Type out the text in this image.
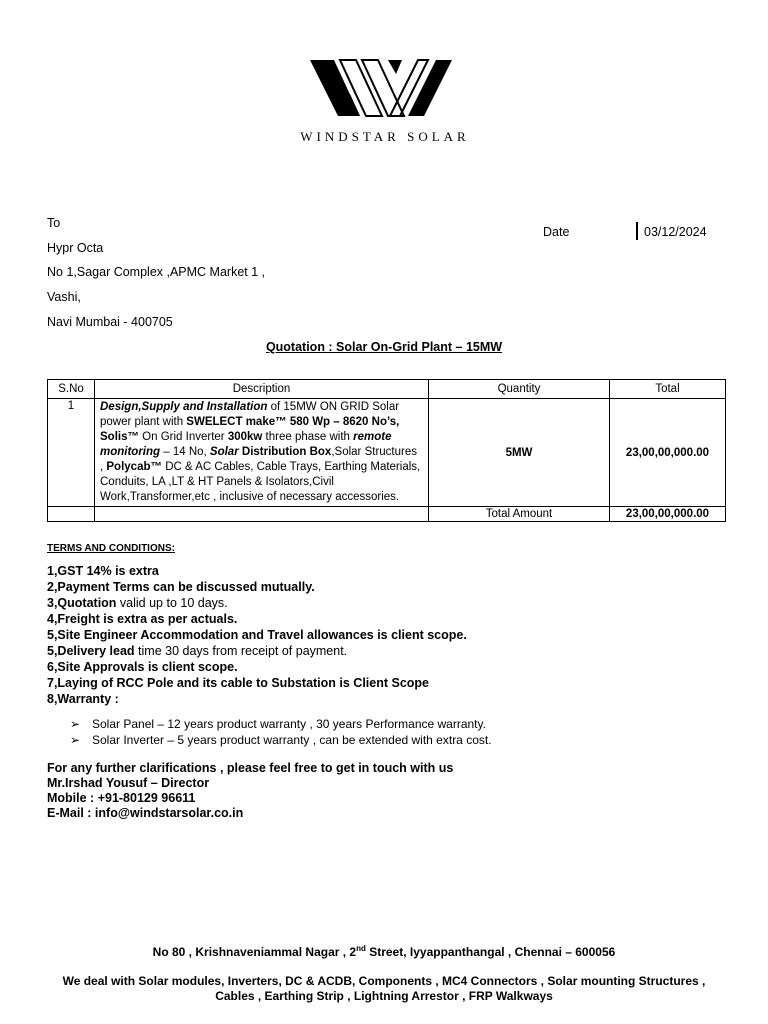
WINDSTAR SOLAR
To
Hypr Octa
No 1,Sagar Complex ,APMC Market 1 ,
Vashi,
Navi Mumbai - 400705
Date	03/12/2024
Quotation : Solar On-Grid Plant – 15MW
S.No	Description	Quantity	Total
1	Design,Supply and Installation of 15MW ON GRID Solar power plant with SWELECT make™ 580 Wp – 8620 No’s, Solis™ On Grid Inverter 300kw three phase with remote monitoring – 14 No, Solar Distribution Box,Solar Structures , Polycab™ DC & AC Cables, Cable Trays, Earthing Materials, Conduits, LA ,LT & HT Panels & Isolators,Civil Work,Transformer,etc , inclusive of necessary accessories.	5MW	23,00,00,000.00
		Total Amount	23,00,00,000.00
TERMS AND CONDITIONS:
1,GST 14% is extra
2,Payment Terms can be discussed mutually.
3,Quotation valid up to 10 days.
4,Freight is extra as per actuals.
5,Site Engineer Accommodation and Travel allowances is client scope.
5,Delivery lead time 30 days from receipt of payment.
6,Site Approvals is client scope.
7,Laying of RCC Pole and its cable to Substation is Client Scope
8,Warranty :
➢ Solar Panel – 12 years product warranty , 30 years Performance warranty.
➢ Solar Inverter – 5 years product warranty , can be extended with extra cost.
For any further clarifications , please feel free to get in touch with us
Mr.Irshad Yousuf – Director
Mobile : +91-80129 96611
E-Mail : info@windstarsolar.co.in
No 80 , Krishnaveniammal Nagar , 2nd Street, Iyyappanthangal , Chennai – 600056
We deal with Solar modules, Inverters, DC & ACDB, Components , MC4 Connectors , Solar mounting Structures ,
Cables , Earthing Strip , Lightning Arrestor , FRP Walkways
